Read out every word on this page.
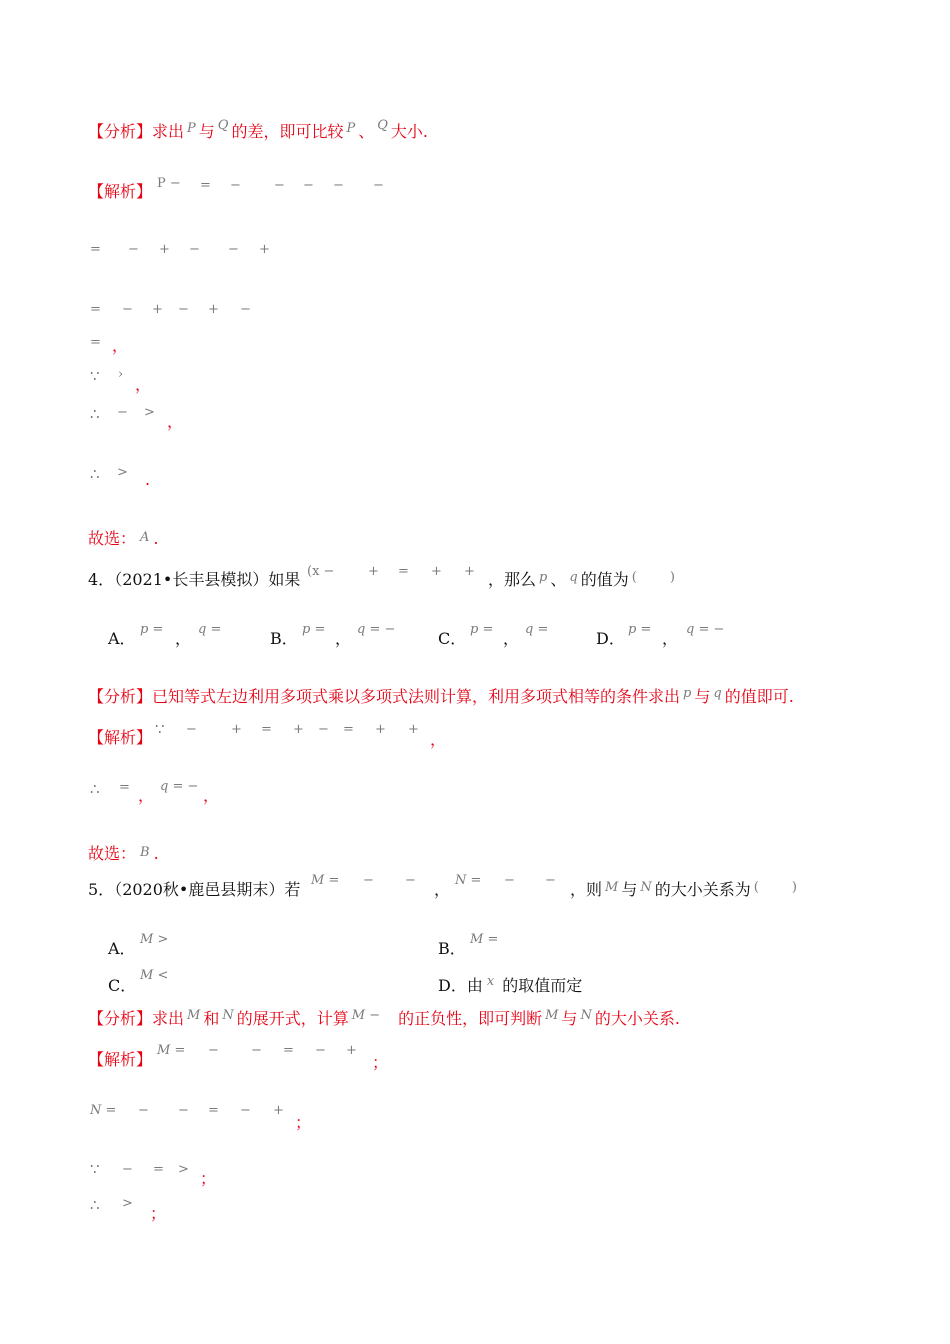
【分析】求出 $^P$ 与 $^Q$ 的差，即可比较 $^P$ 、 $^Q$ 大小.
【解析】 P − = −	− − − −
= − + − − +
= − + − + −
= ，
∵ ›
，
∴ − > ，
∴ > .
故选： A .
4．（2021•长丰县模拟）如果 (x −	+ = + + ，那么 $^p$ 、 $^q$ 的值为 (        )
A． p = ， q =	B． p = ， q = −	C． p = ， q =	D． p = ， q = −
【分析】已知等式左边利用多项式乘以多项式法则计算，利用多项式相等的条件求出 $^p$ 与 $^q$ 的值即可.
【解析】 ∵ −	+ = + − = + +
，
∴ = ， q = − ，
故选： B .
5．（2020秋•鹿邑县期末）若 M = − − ， N = − − ，则 $^M$ 与 $^N$ 的大小关系为 (        )
A． M >	B． M =
C．
M <
D．由 $^x$ 的取值而定
【分析】求出 $^M$ 和 $^N$ 的展开式，计算 $^{M -}$ 的正负性，即可判断 $^M$ 与 $^N$ 的大小关系.
【解析】 M = − − = − +
；
N = − − = − +
；
∵ − = > ；
∴ >
；
